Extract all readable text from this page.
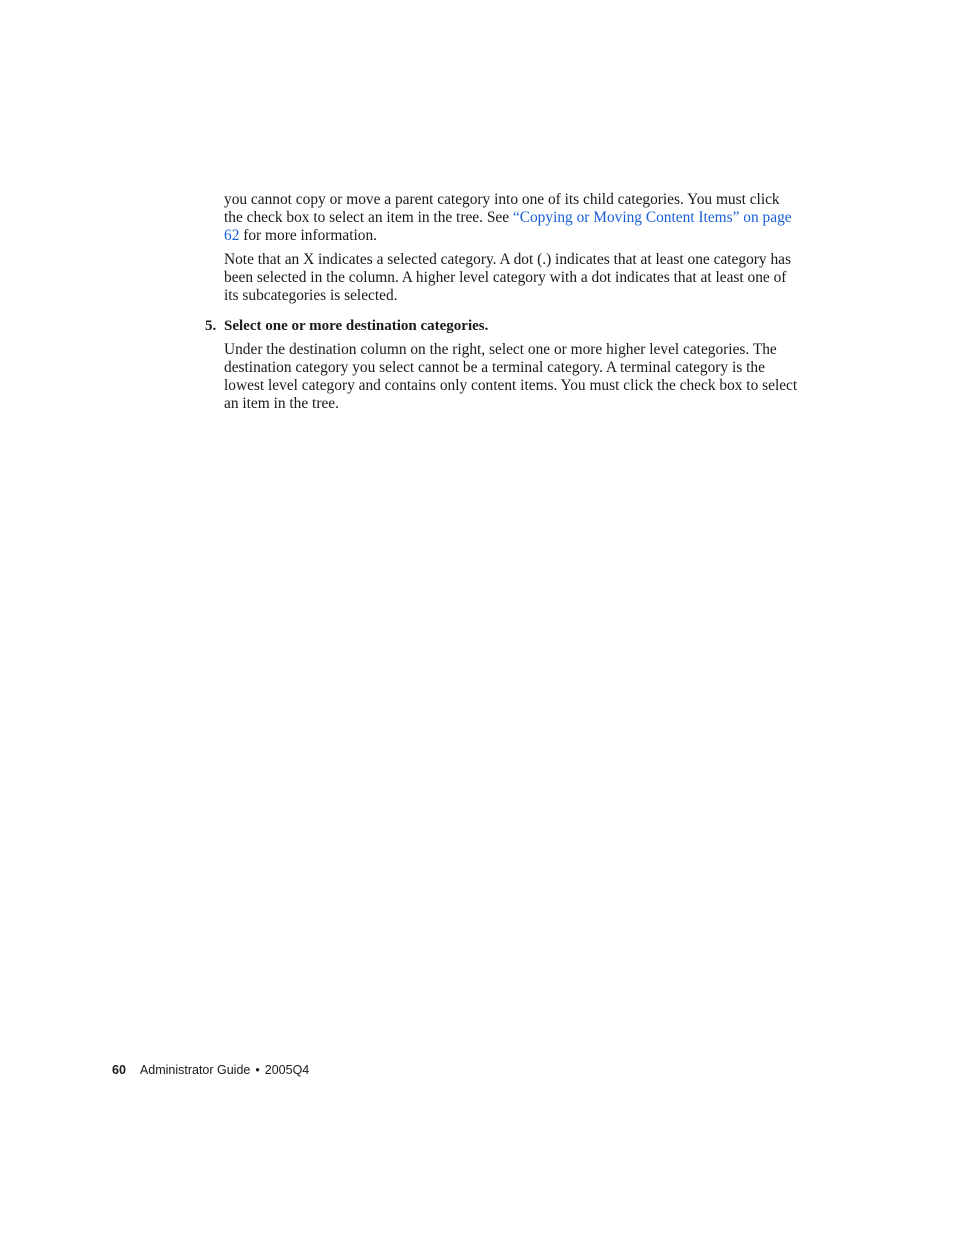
you cannot copy or move a parent category into one of its child categories. You must click the check box to select an item in the tree. See “Copying or Moving Content Items” on page 62 for more information.

Note that an X indicates a selected category. A dot (.) indicates that at least one category has been selected in the column. A higher level category with a dot indicates that at least one of its subcategories is selected.

5. Select one or more destination categories.

Under the destination column on the right, select one or more higher level categories. The destination category you select cannot be a terminal category. A terminal category is the lowest level category and contains only content items. You must click the check box to select an item in the tree.

60 Administrator Guide • 2005Q4
